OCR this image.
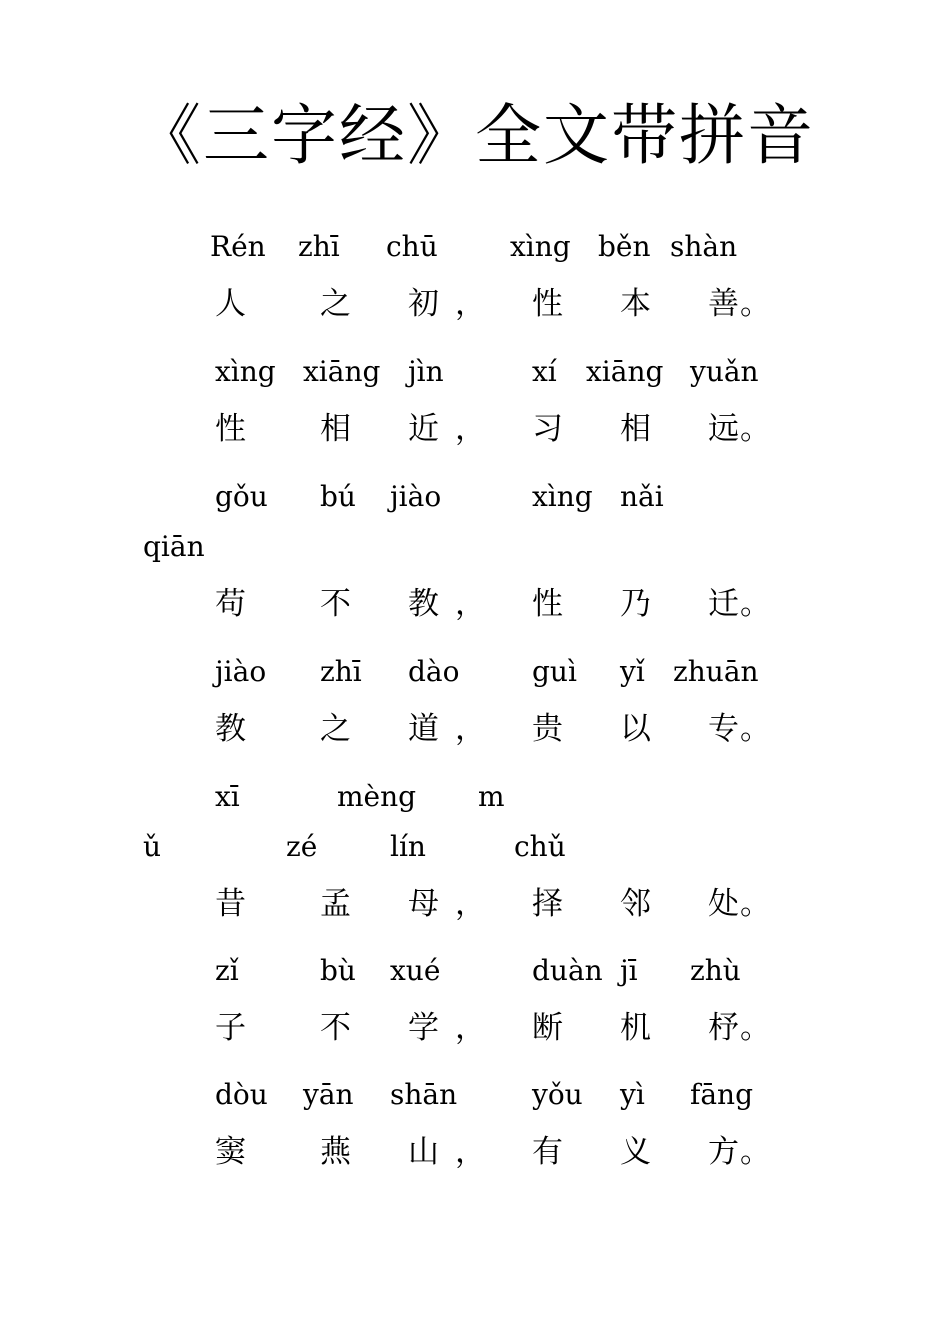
《三字经》全文带拼音
Rén zhī chū	xìng běn shàn
人 之 初 ， 性 本 善 。
xìng xiāng jìn	xí xiāng yuǎn
性 相 近 ， 习 相 远 。
gǒu bú jiào	xìng nǎi
qiān
苟 不 教 ， 性 乃 迁 。
jiào zhī dào	guì yǐ zhuān
教 之 道 ， 贵 以 专 。
xī	mèng m
ǔ	zé	lín	chǔ
昔 孟 母 ， 择 邻 处 。
zǐ	bù xué	duàn jī zhù
子 不 学 ， 断 机 杼 。
dòu yān shān	yǒu yì fāng
窦 燕 山 ， 有 义 方 。
